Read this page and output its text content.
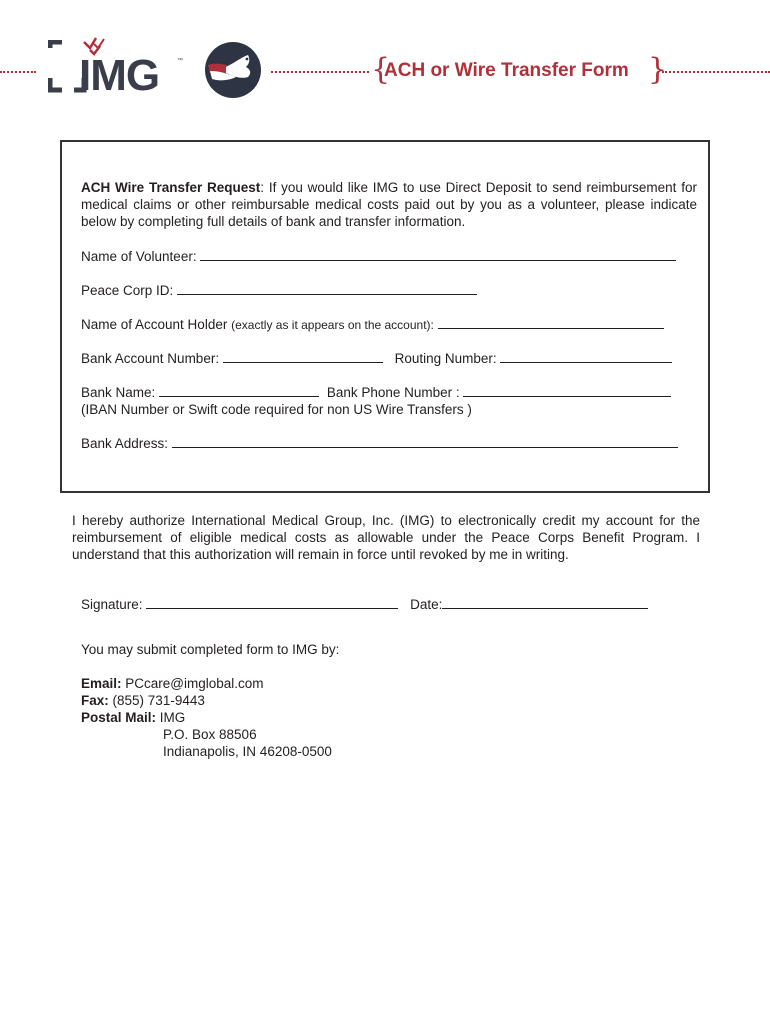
IMG	™	{
ACH or Wire Transfer Form }
ACH Wire Transfer Request: If you would like IMG to use Direct Deposit to send reimbursement for medical claims or other reimbursable medical costs paid out by you as a volunteer, please indicate below by completing full details of bank and transfer information.
Name of Volunteer:
Peace Corp ID:
Name of Account Holder (exactly as it appears on the account):
Bank Account Number:	Routing Number:
Bank Name:	Bank Phone Number :
(IBAN Number or Swift code required for non US Wire Transfers )
Bank Address:
I hereby authorize International Medical Group, Inc. (IMG) to electronically credit my account for the reimbursement of eligible medical costs as allowable under the Peace Corps Benefit Program. I understand that this authorization will remain in force until revoked by me in writing.
Signature:	Date:
You may submit completed form to IMG by:
Email: PCcare@imglobal.com
Fax: (855) 731-9443
Postal Mail: IMG
P.O. Box 88506
Indianapolis, IN 46208-0500
